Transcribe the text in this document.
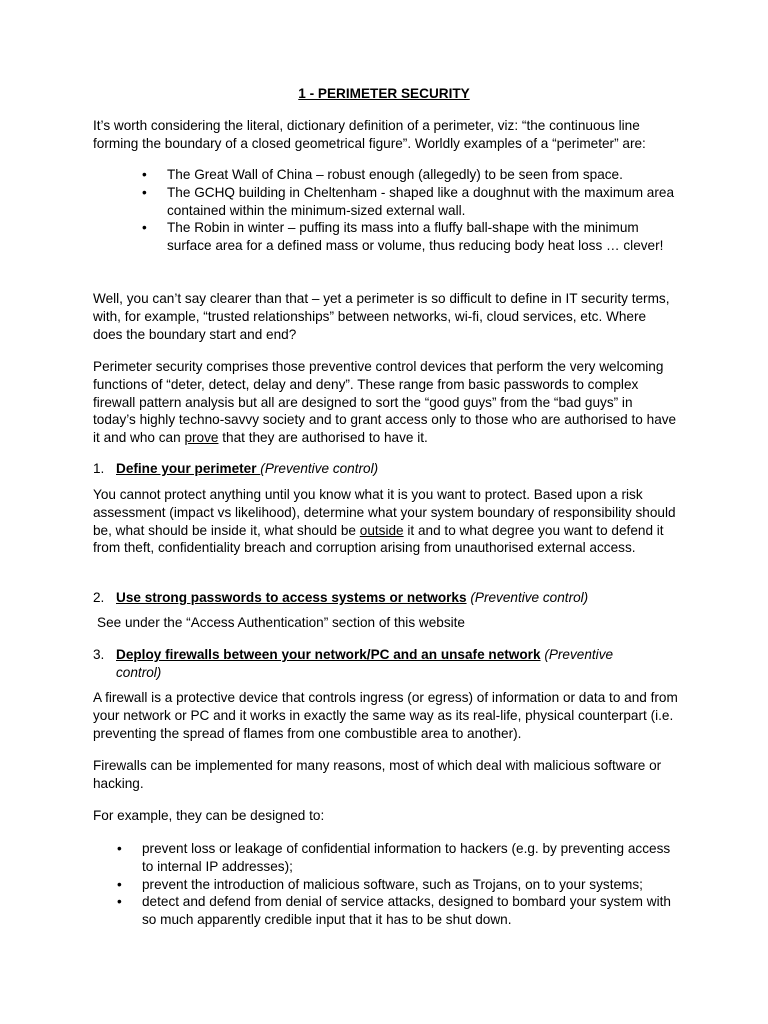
1 - PERIMETER SECURITY

It’s worth considering the literal, dictionary definition of a perimeter, viz: “the continuous line forming the boundary of a closed geometrical figure”. Worldly examples of a “perimeter” are:

• The Great Wall of China – robust enough (allegedly) to be seen from space.
• The GCHQ building in Cheltenham - shaped like a doughnut with the maximum area contained within the minimum-sized external wall.
• The Robin in winter – puffing its mass into a fluffy ball-shape with the minimum surface area for a defined mass or volume, thus reducing body heat loss … clever!

Well, you can’t say clearer than that – yet a perimeter is so difficult to define in IT security terms, with, for example, “trusted relationships” between networks, wi-fi, cloud services, etc. Where does the boundary start and end?

Perimeter security comprises those preventive control devices that perform the very welcoming functions of “deter, detect, delay and deny”. These range from basic passwords to complex firewall pattern analysis but all are designed to sort the “good guys” from the “bad guys” in today’s highly techno-savvy society and to grant access only to those who are authorised to have it and who can prove that they are authorised to have it.

1. Define your perimeter (Preventive control)

You cannot protect anything until you know what it is you want to protect. Based upon a risk assessment (impact vs likelihood), determine what your system boundary of responsibility should be, what should be inside it, what should be outside it and to what degree you want to defend it from theft, confidentiality breach and corruption arising from unauthorised external access.

2. Use strong passwords to access systems or networks (Preventive control)

See under the “Access Authentication” section of this website

3. Deploy firewalls between your network/PC and an unsafe network (Preventive
control)

A firewall is a protective device that controls ingress (or egress) of information or data to and from your network or PC and it works in exactly the same way as its real-life, physical counterpart (i.e. preventing the spread of flames from one combustible area to another).

Firewalls can be implemented for many reasons, most of which deal with malicious software or hacking.

For example, they can be designed to:

• prevent loss or leakage of confidential information to hackers (e.g. by preventing access to internal IP addresses);
• prevent the introduction of malicious software, such as Trojans, on to your systems;
• detect and defend from denial of service attacks, designed to bombard your system with so much apparently credible input that it has to be shut down.
